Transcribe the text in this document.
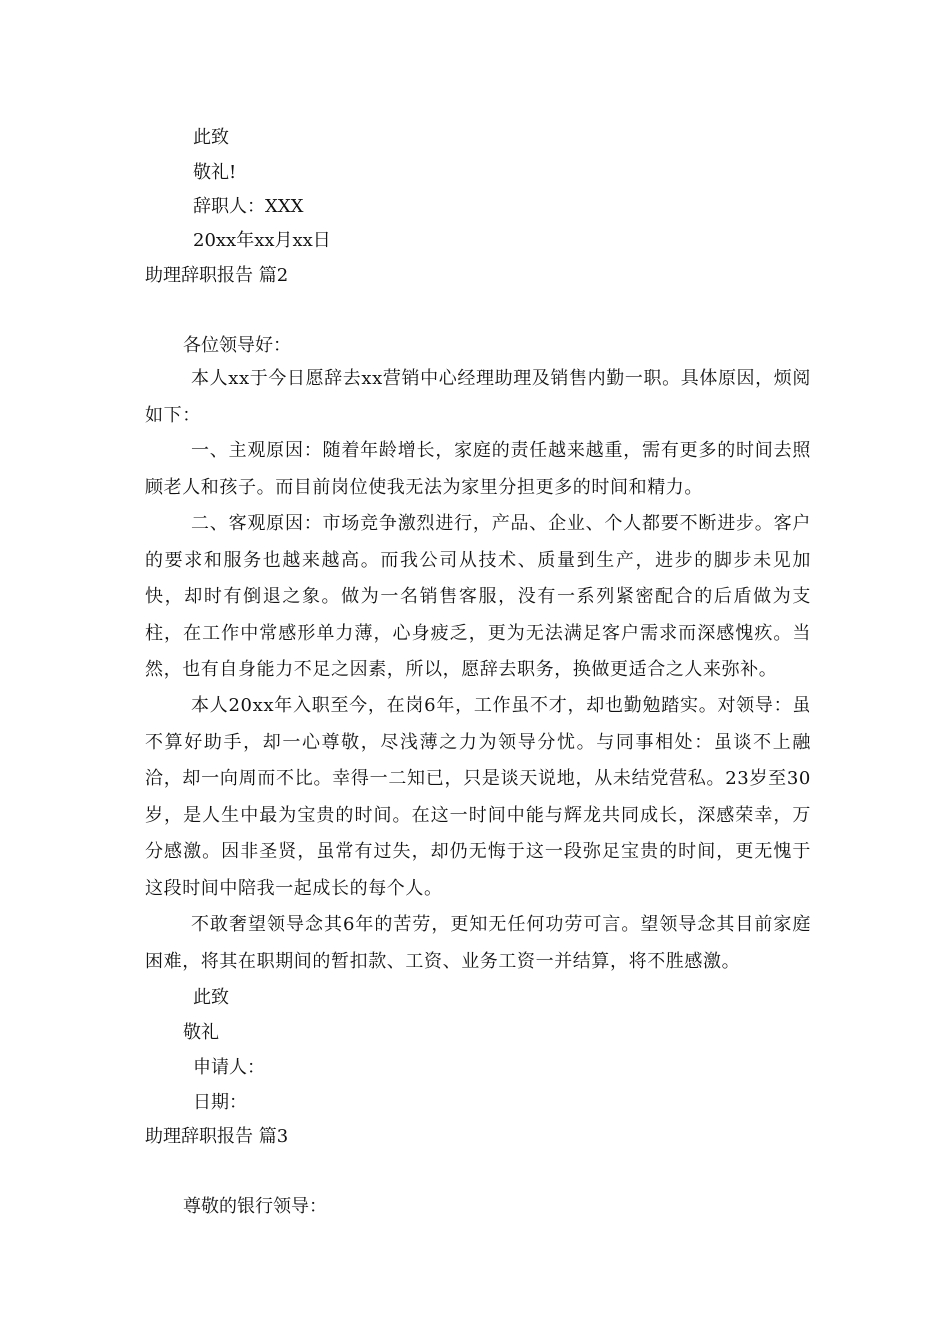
此致
敬礼!
辞职人：XXX
20xx年xx月xx日
助理辞职报告 篇2
各位领导好：

本人xx于今日愿辞去xx营销中心经理助理及销售内勤一职。具体原因，烦阅如下：

一、主观原因：随着年龄增长，家庭的责任越来越重，需有更多的时间去照顾老人和孩子。而目前岗位使我无法为家里分担更多的时间和精力。

二、客观原因：市场竞争激烈进行，产品、企业、个人都要不断进步。客户的要求和服务也越来越高。而我公司从技术、质量到生产，进步的脚步未见加快，却时有倒退之象。做为一名销售客服，没有一系列紧密配合的后盾做为支柱，在工作中常感形单力薄，心身疲乏，更为无法满足客户需求而深感愧疚。当然，也有自身能力不足之因素，所以，愿辞去职务，换做更适合之人来弥补。

本人20xx年入职至今，在岗6年，工作虽不才，却也勤勉踏实。对领导：虽不算好助手，却一心尊敬，尽浅薄之力为领导分忧。与同事相处：虽谈不上融洽，却一向周而不比。幸得一二知已，只是谈天说地，从未结党营私。23岁至30岁，是人生中最为宝贵的时间。在这一时间中能与辉龙共同成长，深感荣幸，万分感激。因非圣贤，虽常有过失，却仍无悔于这一段弥足宝贵的时间，更无愧于这段时间中陪我一起成长的每个人。

不敢奢望领导念其6年的苦劳，更知无任何功劳可言。望领导念其目前家庭困难，将其在职期间的暂扣款、工资、业务工资一并结算，将不胜感激。

此致
敬礼
申请人：
日期：
助理辞职报告 篇3
尊敬的银行领导：
